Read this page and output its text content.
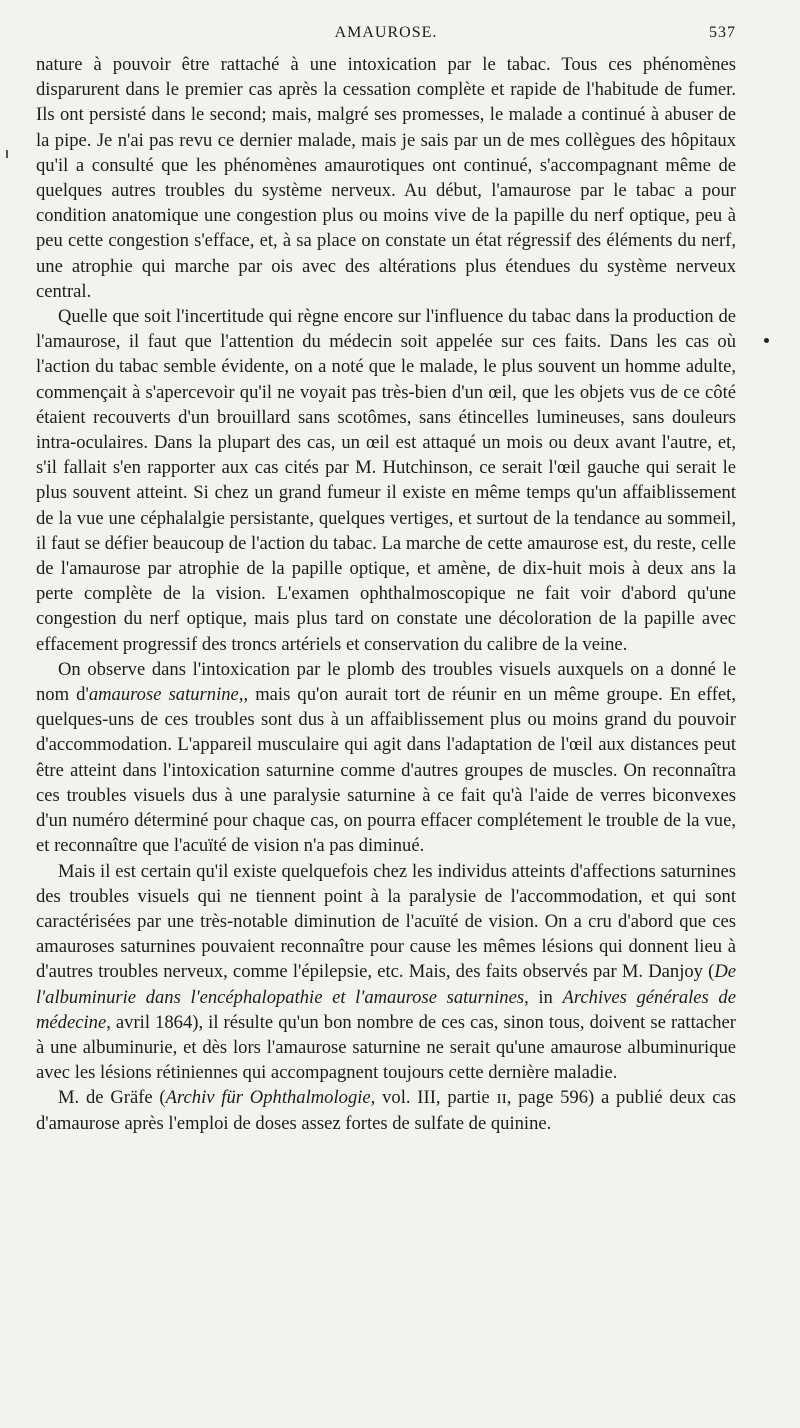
AMAUROSE.	537

nature à pouvoir être rattaché à une intoxication par le tabac. Tous ces phénomènes disparurent dans le premier cas après la cessation complète et rapide de l'habitude de fumer. Ils ont persisté dans le second; mais, malgré ses promesses, le malade a continué à abuser de la pipe. Je n'ai pas revu ce dernier malade, mais je sais par un de mes collègues des hôpitaux qu'il a consulté que les phénomènes amaurotiques ont continué, s'accompagnant même de quelques autres troubles du système nerveux. Au début, l'amaurose par le tabac a pour condition anatomique une congestion plus ou moins vive de la papille du nerf optique, peu à peu cette congestion s'efface, et, à sa place on constate un état régressif des éléments du nerf, une atrophie qui marche par ois avec des altérations plus étendues du système nerveux central.

Quelle que soit l'incertitude qui règne encore sur l'influence du tabac dans la production de l'amaurose, il faut que l'attention du médecin soit appelée sur ces faits. Dans les cas où l'action du tabac semble évidente, on a noté que le malade, le plus souvent un homme adulte, commençait à s'apercevoir qu'il ne voyait pas très-bien d'un œil, que les objets vus de ce côté étaient recouverts d'un brouillard sans scotômes, sans étincelles lumineuses, sans douleurs intra-oculaires. Dans la plupart des cas, un œil est attaqué un mois ou deux avant l'autre, et, s'il fallait s'en rapporter aux cas cités par M. Hutchinson, ce serait l'œil gauche qui serait le plus souvent atteint. Si chez un grand fumeur il existe en même temps qu'un affaiblissement de la vue une céphalalgie persistante, quelques vertiges, et surtout de la tendance au sommeil, il faut se défier beaucoup de l'action du tabac. La marche de cette amaurose est, du reste, celle de l'amaurose par atrophie de la papille optique, et amène, de dix-huit mois à deux ans la perte complète de la vision. L'examen ophthalmoscopique ne fait voir d'abord qu'une congestion du nerf optique, mais plus tard on constate une décoloration de la papille avec effacement progressif des troncs artériels et conservation du calibre de la veine.

On observe dans l'intoxication par le plomb des troubles visuels auxquels on a donné le nom d'amaurose saturnine,, mais qu'on aurait tort de réunir en un même groupe. En effet, quelques-uns de ces troubles sont dus à un affaiblissement plus ou moins grand du pouvoir d'accommodation. L'appareil musculaire qui agit dans l'adaptation de l'œil aux distances peut être atteint dans l'intoxication saturnine comme d'autres groupes de muscles. On reconnaîtra ces troubles visuels dus à une paralysie saturnine à ce fait qu'à l'aide de verres biconvexes d'un numéro déterminé pour chaque cas, on pourra effacer complétement le trouble de la vue, et reconnaître que l'acuïté de vision n'a pas diminué.

Mais il est certain qu'il existe quelquefois chez les individus atteints d'affections saturnines des troubles visuels qui ne tiennent point à la paralysie de l'accommodation, et qui sont caractérisées par une très-notable diminution de l'acuïté de vision. On a cru d'abord que ces amauroses saturnines pouvaient reconnaître pour cause les mêmes lésions qui donnent lieu à d'autres troubles nerveux, comme l'épilepsie, etc. Mais, des faits observés par M. Danjoy (De l'albuminurie dans l'encéphalopathie et l'amaurose saturnines, in Archives générales de médecine, avril 1864), il résulte qu'un bon nombre de ces cas, sinon tous, doivent se rattacher à une albuminurie, et dès lors l'amaurose saturnine ne serait qu'une amaurose albuminurique avec les lésions rétiniennes qui accompagnent toujours cette dernière maladie.

M. de Gräfe (Archiv für Ophthalmologie, vol. III, partie ɪɪ, page 596) a publié deux cas d'amaurose après l'emploi de doses assez fortes de sulfate de quinine.
